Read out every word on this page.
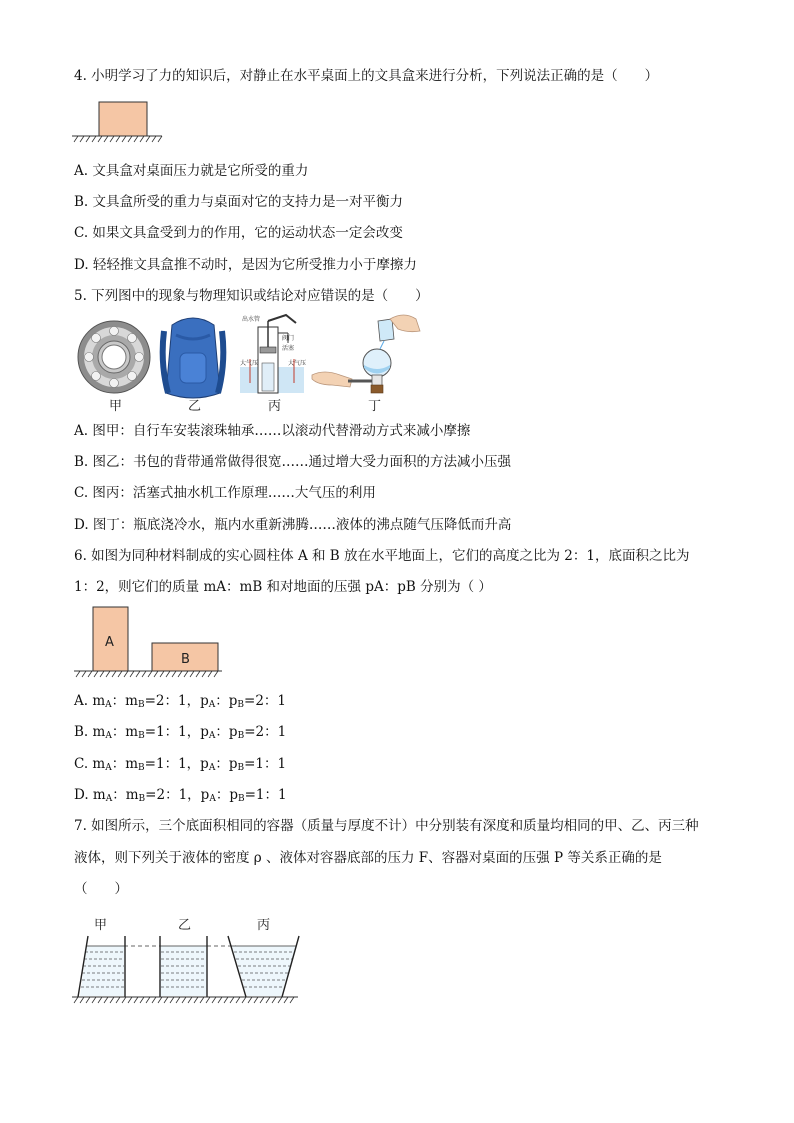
4. 小明学习了力的知识后，对静止在水平桌面上的文具盒来进行分析，下列说法正确的是（　　）
A. 文具盒对桌面压力就是它所受的重力
B. 文具盒所受的重力与桌面对它的支持力是一对平衡力
C. 如果文具盒受到力的作用，它的运动状态一定会改变
D. 轻轻推文具盒推不动时，是因为它所受推力小于摩擦力
5. 下列图中的现象与物理知识或结论对应错误的是（　　）
出水管
阀门
活塞
大气压	大气压
甲	乙	丙	丁
A. 图甲：自行车安装滚珠轴承……以滚动代替滑动方式来减小摩擦
B. 图乙：书包的背带通常做得很宽……通过增大受力面积的方法减小压强
C. 图丙：活塞式抽水机工作原理……大气压的利用
D. 图丁：瓶底浇冷水，瓶内水重新沸腾……液体的沸点随气压降低而升高
6. 如图为同种材料制成的实心圆柱体 A 和 B 放在水平地面上，它们的高度之比为 2：1，底面积之比为
1：2，则它们的质量 mA：mB 和对地面的压强 pA：pB 分别为（ ）
A
B
A. $m_A$：$m_B=2$：1，$p_A$：$p_B=2$：1
B. $m_A$：$m_B=1$：1，$p_A$：$p_B=2$：1
C. $m_A$：$m_B=1$：1，$p_A$：$p_B=1$：1
D. $m_A$：$m_B=2$：1，$p_A$：$p_B=1$：1
7. 如图所示，三个底面积相同的容器（质量与厚度不计）中分别装有深度和质量均相同的甲、乙、丙三种
液体，则下列关于液体的密度 ρ 、液体对容器底部的压力 F、容器对桌面的压强 P 等关系正确的是
（　　）
甲	乙	丙
